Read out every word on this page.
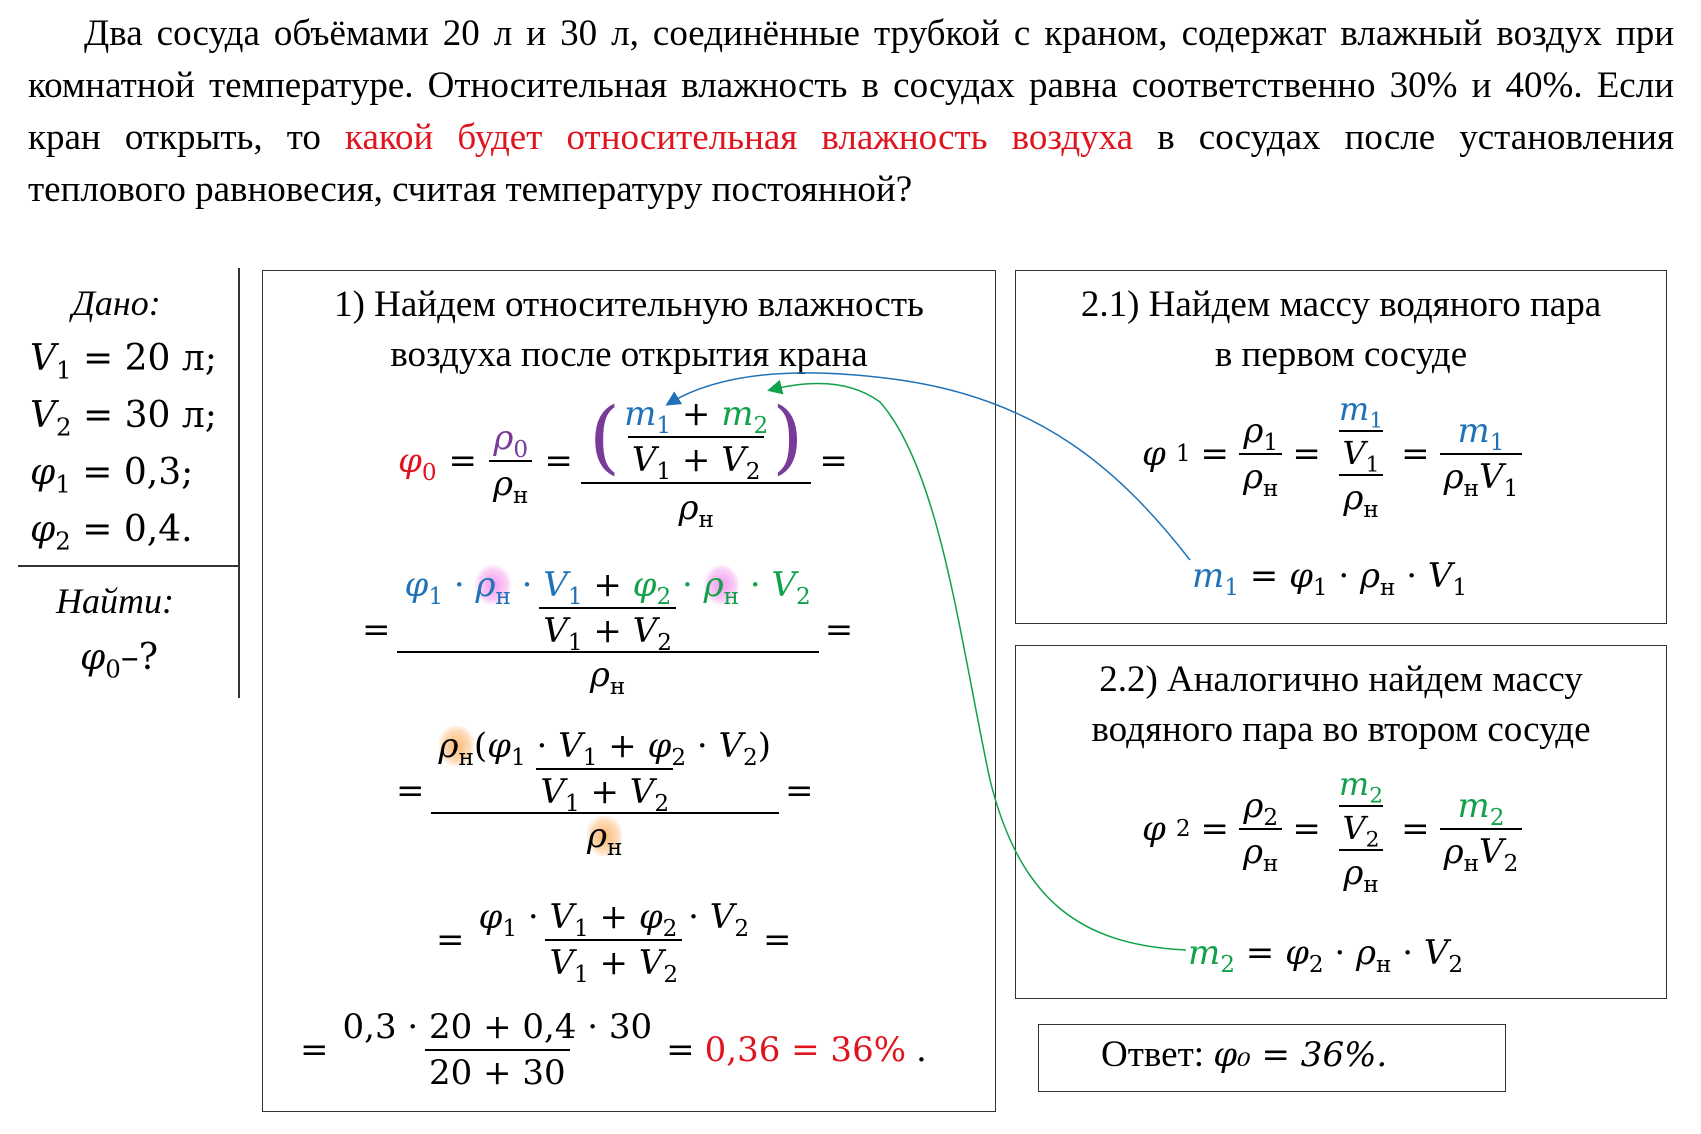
Два сосуда объёмами 20 л и 30 л, соединённые трубкой с краном, содержат влажный воздух при комнатной температуре. Относительная влажность в сосудах равна соответственно 30% и 40%. Если кран открыть, то какой будет относительная влажность воздуха в сосудах после установления теплового равновесия, считая температуру постоянной?
Дано:
$V_1 = 20$ л;
$V_2 = 30$ л;
$\varphi_1 = 0,3$;
$\varphi_2 = 0,4$.
Найти:
$\varphi_0-$?
1) Найдем относительную влажность
воздуха после открытия крана
$\varphi_0 = \frac{\rho_0}{\rho_н} = \frac{( \frac{m_1 + m_2}{V_1 + V_2} )}{\rho_н}$ =
= $\frac{\frac{\varphi_1 \cdot \rho_н \cdot V_1 + \varphi_2 \cdot \rho_н \cdot V_2}{V_1 + V_2}}{\rho_н}$ =
= $\frac{\frac{\rho_н(\varphi_1 \cdot V_1 + \varphi_2 \cdot V_2)}{V_1 + V_2}}{\rho_н}$ =
= $\frac{\varphi_1 \cdot V_1 + \varphi_2 \cdot V_2}{V_1 + V_2}$ =
= $\frac{0,3 \cdot 20 + 0,4 \cdot 30}{20 + 30} = 0,36 = 36\%$ .
2.1) Найдем массу водяного пара
в первом сосуде
φ $1 = \frac{\rho_1}{\rho_н} = \frac{\frac{m_1}{V_1}}{\rho_н} = \frac{m_1}{\rho_нV_1}$
$m_1 = \varphi_1 \cdot \rho_н \cdot V_1$
2.2) Аналогично найдем массу
водяного пара во втором сосуде
φ $2 = \frac{\rho_2}{\rho_н} = \frac{\frac{m_2}{V_2}}{\rho_н} = \frac{m_2}{\rho_нV_2}$
$m_2 = \varphi_2 \cdot \rho_н \cdot V_2$
Ответ: φ₀ = 36%.
